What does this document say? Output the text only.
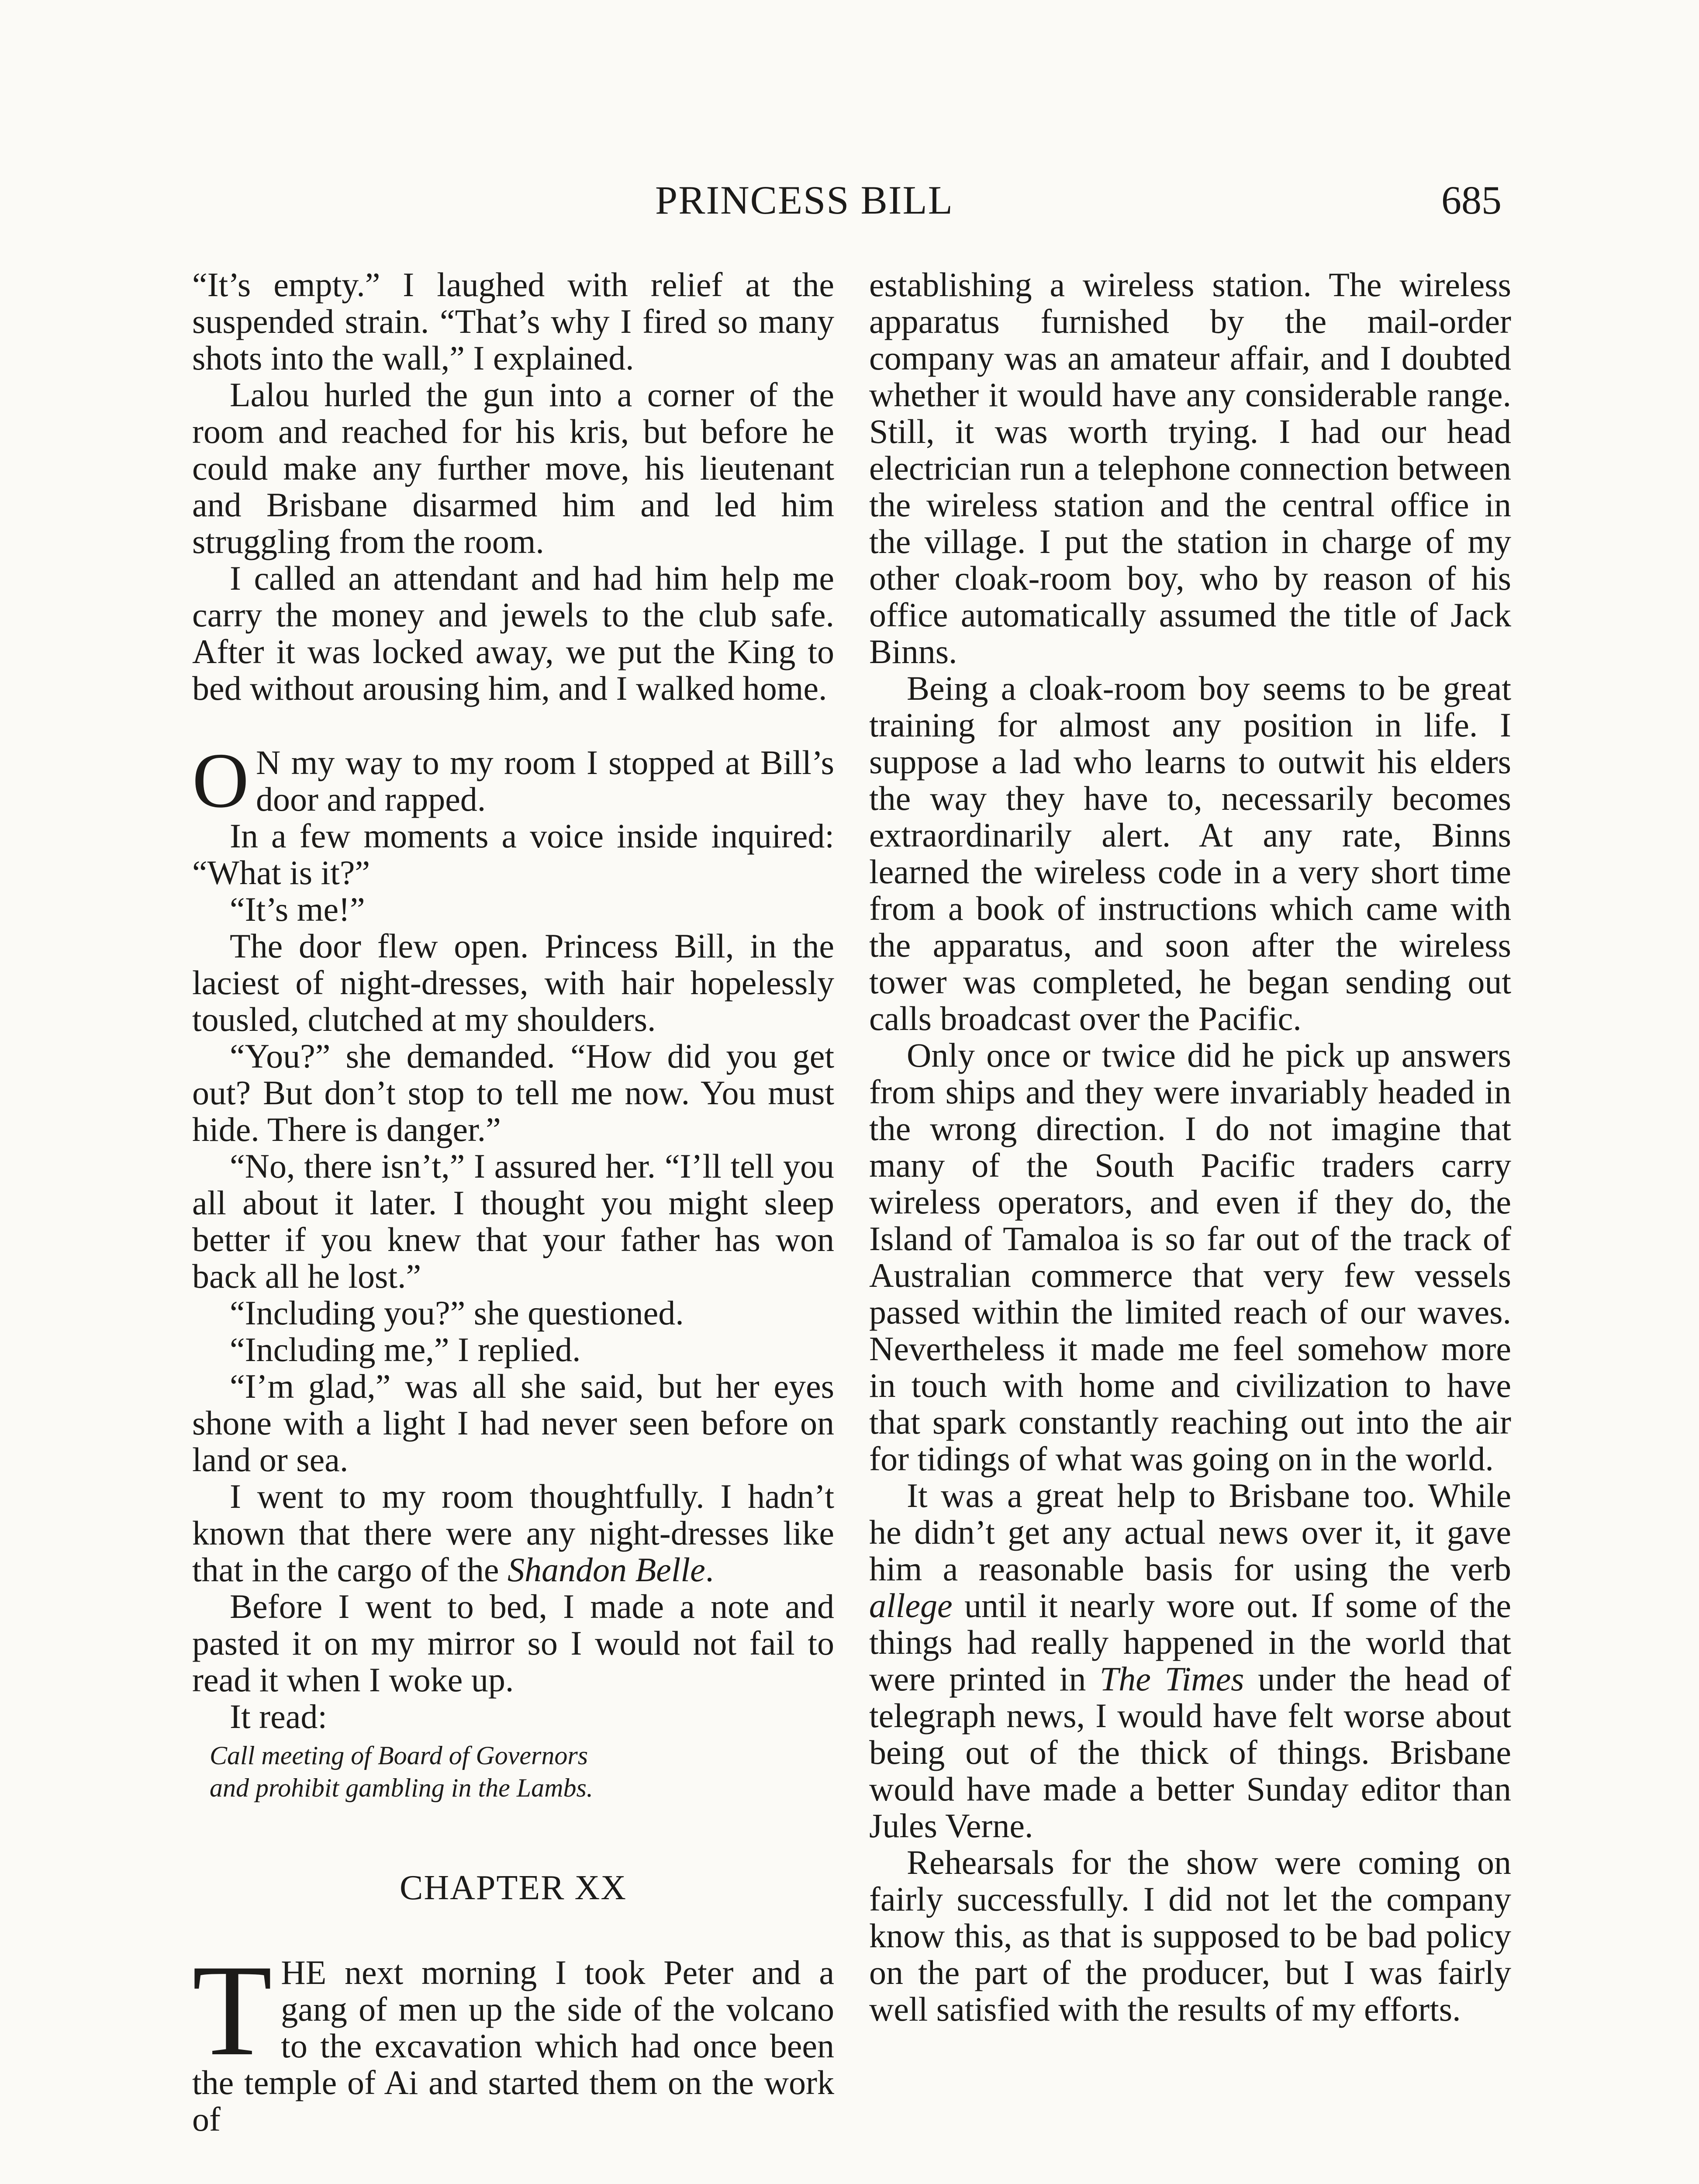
PRINCESS BILL	685

“It’s empty.” I laughed with relief at the suspended strain. “That’s why I fired so many shots into the wall,” I explained.

Lalou hurled the gun into a corner of the room and reached for his kris, but before he could make any further move, his lieutenant and Brisbane disarmed him and led him struggling from the room.

I called an attendant and had him help me carry the money and jewels to the club safe. After it was locked away, we put the King to bed without arousing him, and I walked home.

O N my way to my room I stopped at Bill’s door and rapped.

In a few moments a voice inside inquired: “What is it?”

“It’s me!”

The door flew open. Princess Bill, in the laciest of night-dresses, with hair hopelessly tousled, clutched at my shoulders.

“You?” she demanded. “How did you get out? But don’t stop to tell me now. You must hide. There is danger.”

“No, there isn’t,” I assured her. “I’ll tell you all about it later. I thought you might sleep better if you knew that your father has won back all he lost.”

“Including you?” she questioned.

“Including me,” I replied.

“I’m glad,” was all she said, but her eyes shone with a light I had never seen before on land or sea.

I went to my room thoughtfully. I hadn’t known that there were any night-dresses like that in the cargo of the Shandon Belle.

Before I went to bed, I made a note and pasted it on my mirror so I would not fail to read it when I woke up.

It read:

Call meeting of Board of Governors
and prohibit gambling in the Lambs.
CHAPTER XX

THE next morning I took Peter and a gang of men up the side of the volcano to the excavation which had once been the temple of Ai and started them on the work of

establishing a wireless station. The wireless apparatus furnished by the mail-order company was an amateur affair, and I doubted whether it would have any considerable range. Still, it was worth trying. I had our head electrician run a telephone connection between the wireless station and the central office in the village. I put the station in charge of my other cloak-room boy, who by reason of his office automatically assumed the title of Jack Binns.

Being a cloak-room boy seems to be great training for almost any position in life. I suppose a lad who learns to outwit his elders the way they have to, necessarily becomes extraordinarily alert. At any rate, Binns learned the wireless code in a very short time from a book of instructions which came with the apparatus, and soon after the wireless tower was completed, he began sending out calls broadcast over the Pacific.

Only once or twice did he pick up answers from ships and they were invariably headed in the wrong direction. I do not imagine that many of the South Pacific traders carry wireless operators, and even if they do, the Island of Tamaloa is so far out of the track of Australian commerce that very few vessels passed within the limited reach of our waves. Nevertheless it made me feel somehow more in touch with home and civilization to have that spark constantly reaching out into the air for tidings of what was going on in the world.

It was a great help to Brisbane too. While he didn’t get any actual news over it, it gave him a reasonable basis for using the verb allege until it nearly wore out. If some of the things had really happened in the world that were printed in The Times under the head of telegraph news, I would have felt worse about being out of the thick of things. Brisbane would have made a better Sunday editor than Jules Verne.

Rehearsals for the show were coming on fairly successfully. I did not let the company know this, as that is supposed to be bad policy on the part of the producer, but I was fairly well satisfied with the results of my efforts.
